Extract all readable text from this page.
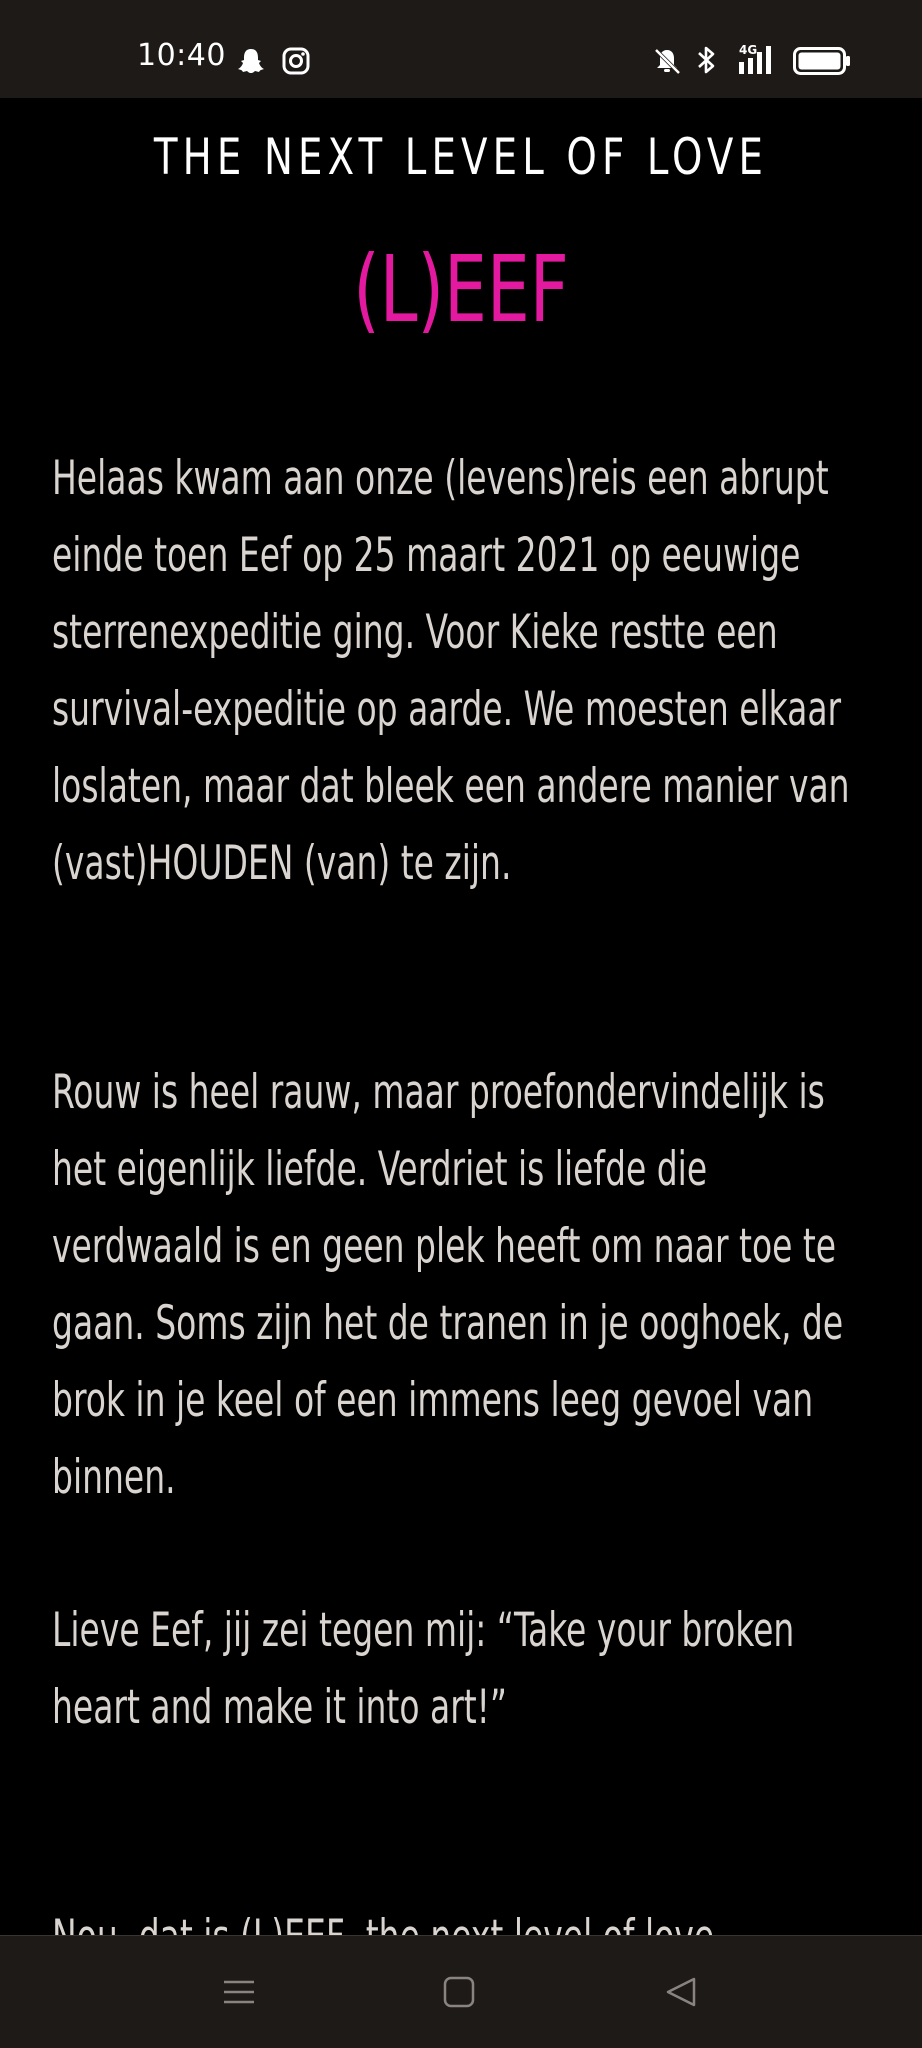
10:40	4G
THE NEXT LEVEL OF LOVE
(L)EEF

Helaas kwam aan onze (levens)reis een abrupt einde toen Eef op 25 maart 2021 op eeuwige sterrenexpeditie ging. Voor Kieke restte een survival-expeditie op aarde. We moesten elkaar loslaten, maar dat bleek een andere manier van (vast)HOUDEN (van) te zijn.

Rouw is heel rauw, maar proefondervindelijk is het eigenlijk liefde. Verdriet is liefde die verdwaald is en geen plek heeft om naar toe te gaan. Soms zijn het de tranen in je ooghoek, de brok in je keel of een immens leeg gevoel van binnen.

Lieve Eef, jij zei tegen mij: “Take your broken heart and make it into art!”
